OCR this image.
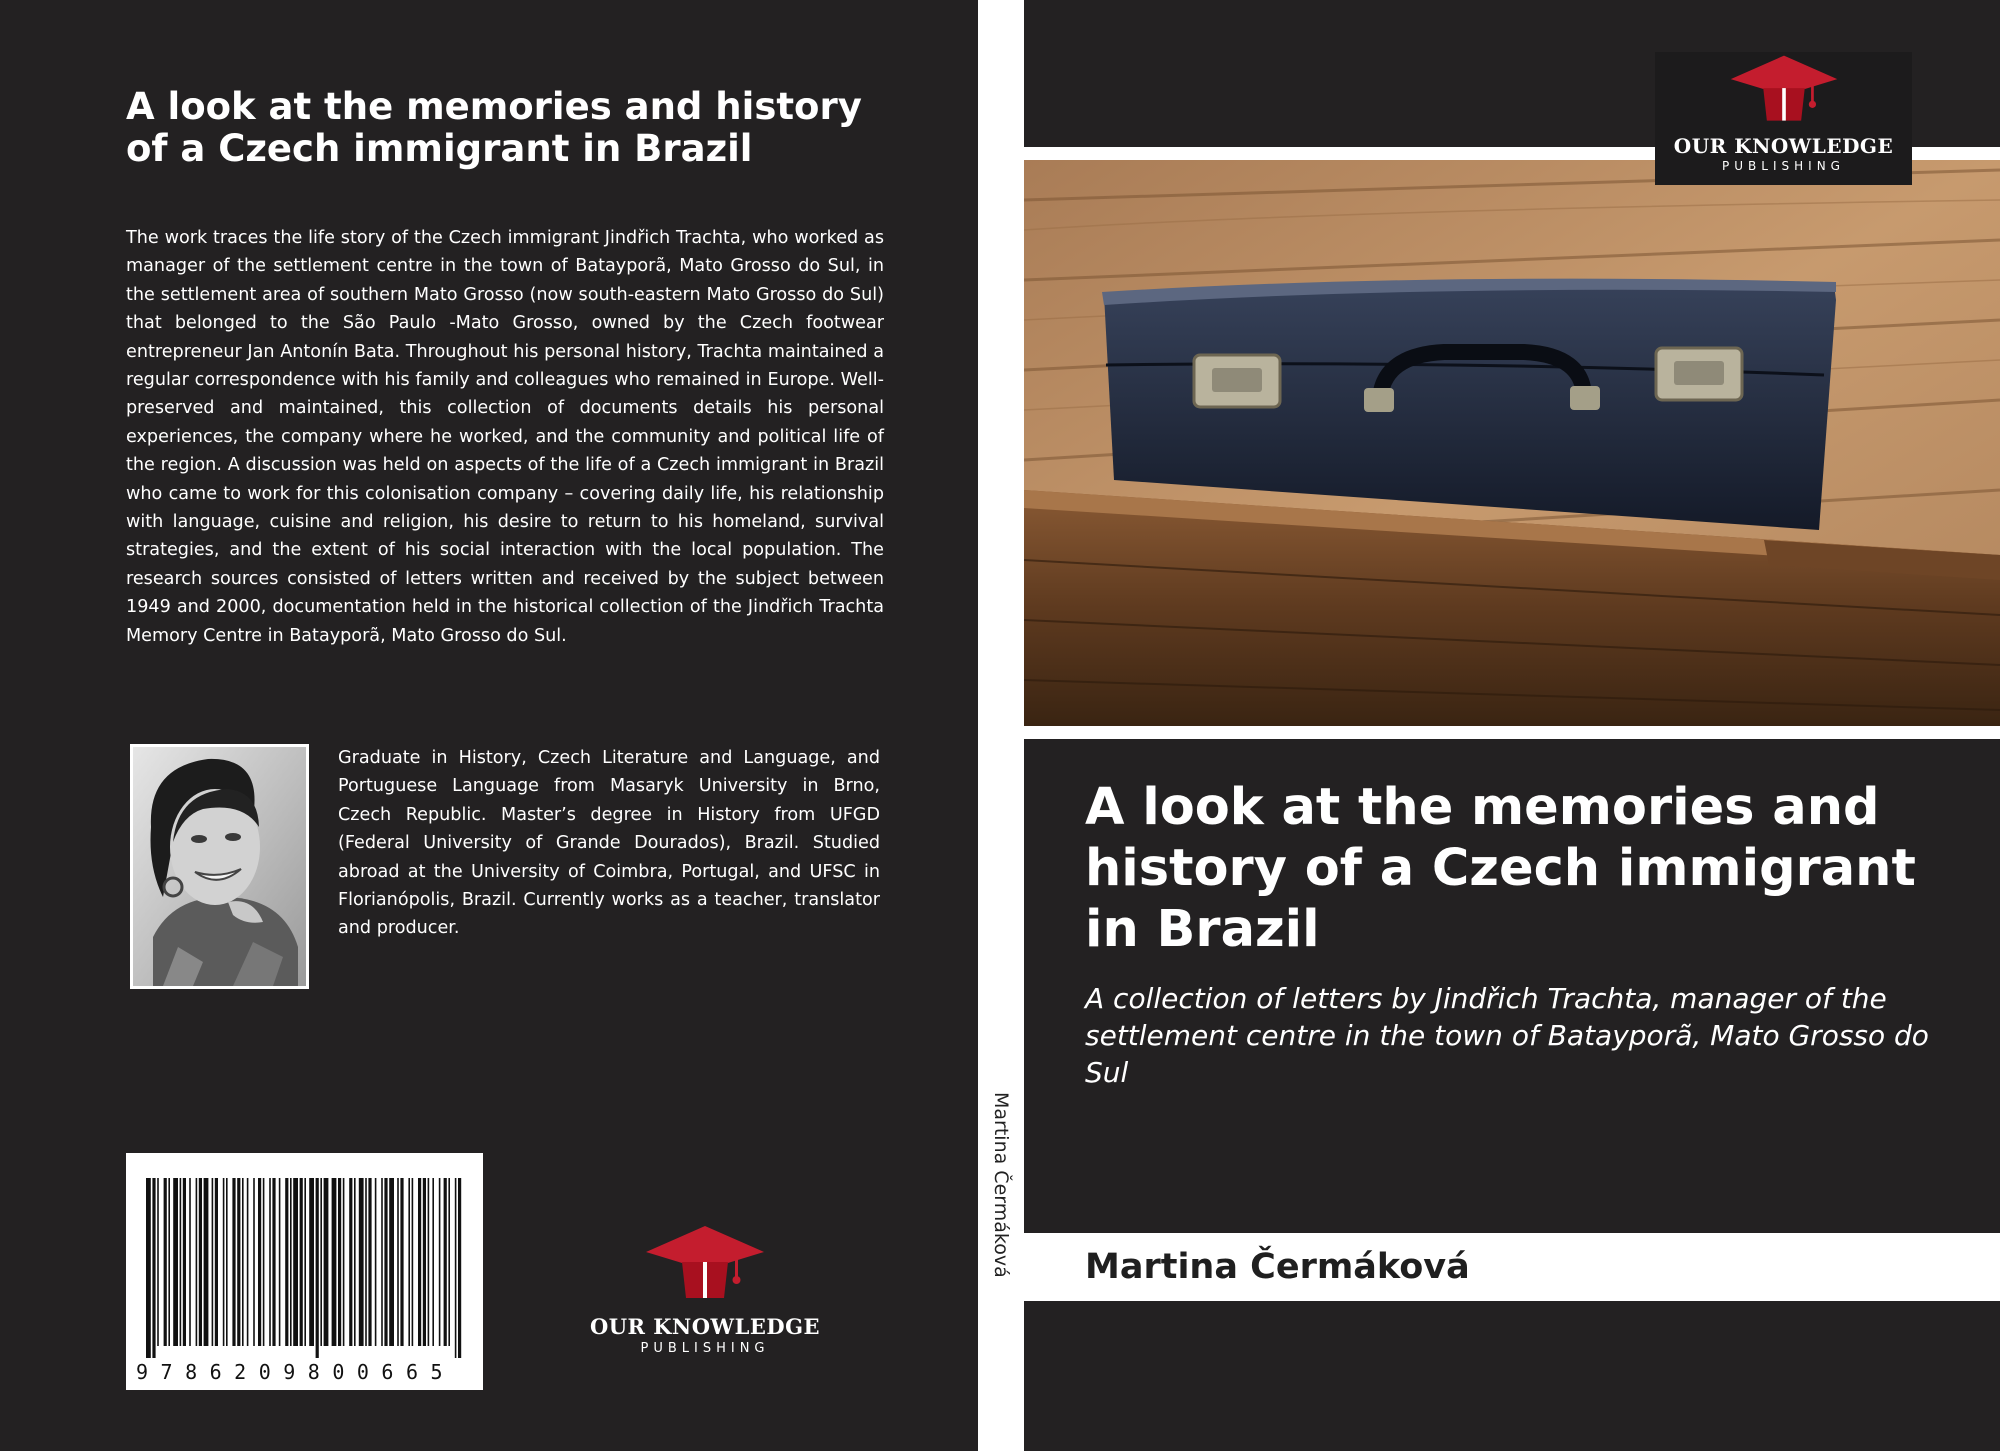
A look at the memories and history of a Czech immigrant in Brazil

The work traces the life story of the Czech immigrant Jindřich Trachta, who worked as manager of the settlement centre in the town of Batayporã, Mato Grosso do Sul, in the settlement area of southern Mato Grosso (now south-eastern Mato Grosso do Sul) that belonged to the São Paulo -Mato Grosso, owned by the Czech footwear entrepreneur Jan Antonín Bata. Throughout his personal history, Trachta maintained a regular correspondence with his family and colleagues who remained in Europe. Well-preserved and maintained, this collection of documents details his personal experiences, the company where he worked, and the community and political life of the region. A discussion was held on aspects of the life of a Czech immigrant in Brazil who came to work for this colonisation company – covering daily life, his relationship with language, cuisine and religion, his desire to return to his homeland, survival strategies, and the extent of his social interaction with the local population. The research sources consisted of letters written and received by the subject between 1949 and 2000, documentation held in the historical collection of the Jindřich Trachta Memory Centre in Batayporã, Mato Grosso do Sul.

Graduate in History, Czech Literature and Language, and Portuguese Language from Masaryk University in Brno, Czech Republic. Master’s degree in History from UFGD (Federal University of Grande Dourados), Brazil. Studied abroad at the University of Coimbra, Portugal, and UFSC in Florianópolis, Brazil. Currently works as a teacher, translator and producer.

9786209800665
OUR KNOWLEDGE
PUBLISHING
Martina Čermáková
OUR KNOWLEDGE
PUBLISHING
A look at the memories and history of a Czech immigrant in Brazil

A collection of letters by Jindřich Trachta, manager of the settlement centre in the town of Batayporã, Mato Grosso do Sul

Martina Čermáková
